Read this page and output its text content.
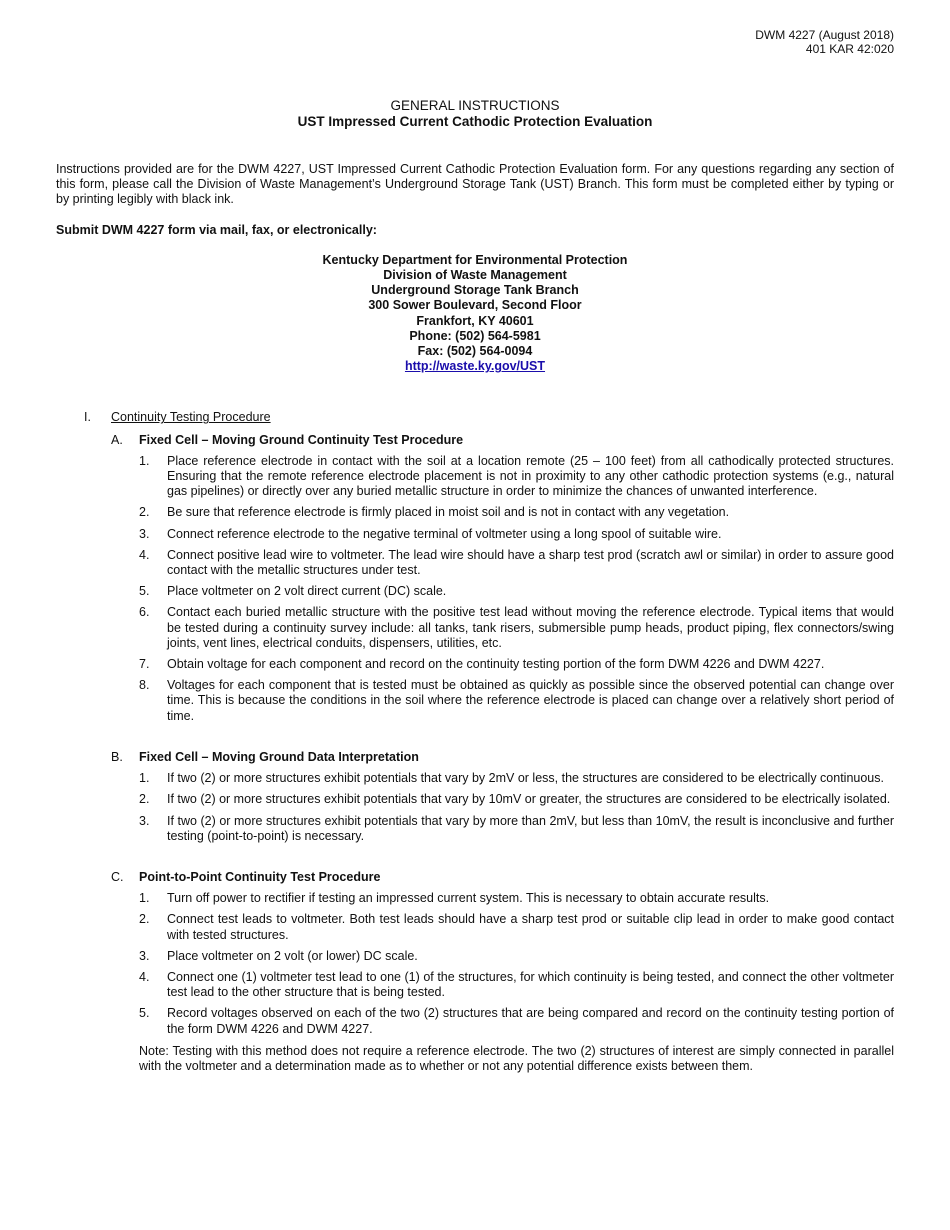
DWM 4227 (August 2018)
401 KAR 42:020
GENERAL INSTRUCTIONS
UST Impressed Current Cathodic Protection Evaluation

Instructions provided are for the DWM 4227, UST Impressed Current Cathodic Protection Evaluation form. For any questions regarding any section of this form, please call the Division of Waste Management’s Underground Storage Tank (UST) Branch. This form must be completed either by typing or by printing legibly with black ink.

Submit DWM 4227 form via mail, fax, or electronically:

Kentucky Department for Environmental Protection
Division of Waste Management
Underground Storage Tank Branch
300 Sower Boulevard, Second Floor
Frankfort, KY 40601
Phone: (502) 564-5981
Fax: (502) 564-0094
http://waste.ky.gov/UST
I.	Continuity Testing Procedure
A.	Fixed Cell – Moving Ground Continuity Test Procedure
1.	Place reference electrode in contact with the soil at a location remote (25 – 100 feet) from all cathodically protected structures. Ensuring that the remote reference electrode placement is not in proximity to any other cathodic protection systems (e.g., natural gas pipelines) or directly over any buried metallic structure in order to minimize the chances of unwanted interference.
2.	Be sure that reference electrode is firmly placed in moist soil and is not in contact with any vegetation.
3.	Connect reference electrode to the negative terminal of voltmeter using a long spool of suitable wire.
4.	Connect positive lead wire to voltmeter. The lead wire should have a sharp test prod (scratch awl or similar) in order to assure good contact with the metallic structures under test.
5.	Place voltmeter on 2 volt direct current (DC) scale.
6.	Contact each buried metallic structure with the positive test lead without moving the reference electrode. Typical items that would be tested during a continuity survey include: all tanks, tank risers, submersible pump heads, product piping, flex connectors/swing joints, vent lines, electrical conduits, dispensers, utilities, etc.
7.	Obtain voltage for each component and record on the continuity testing portion of the form DWM 4226 and DWM 4227.
8.	Voltages for each component that is tested must be obtained as quickly as possible since the observed potential can change over time. This is because the conditions in the soil where the reference electrode is placed can change over a relatively short period of time.
B.	Fixed Cell – Moving Ground Data Interpretation
1.	If two (2) or more structures exhibit potentials that vary by 2mV or less, the structures are considered to be electrically continuous.
2.	If two (2) or more structures exhibit potentials that vary by 10mV or greater, the structures are considered to be electrically isolated.
3.	If two (2) or more structures exhibit potentials that vary by more than 2mV, but less than 10mV, the result is inconclusive and further testing (point-to-point) is necessary.
C.	Point-to-Point Continuity Test Procedure
1.	Turn off power to rectifier if testing an impressed current system. This is necessary to obtain accurate results.
2.	Connect test leads to voltmeter. Both test leads should have a sharp test prod or suitable clip lead in order to make good contact with tested structures.
3.	Place voltmeter on 2 volt (or lower) DC scale.
4.	Connect one (1) voltmeter test lead to one (1) of the structures, for which continuity is being tested, and connect the other voltmeter test lead to the other structure that is being tested.
5.	Record voltages observed on each of the two (2) structures that are being compared and record on the continuity testing portion of the form DWM 4226 and DWM 4227.

Note: Testing with this method does not require a reference electrode. The two (2) structures of interest are simply connected in parallel with the voltmeter and a determination made as to whether or not any potential difference exists between them.
